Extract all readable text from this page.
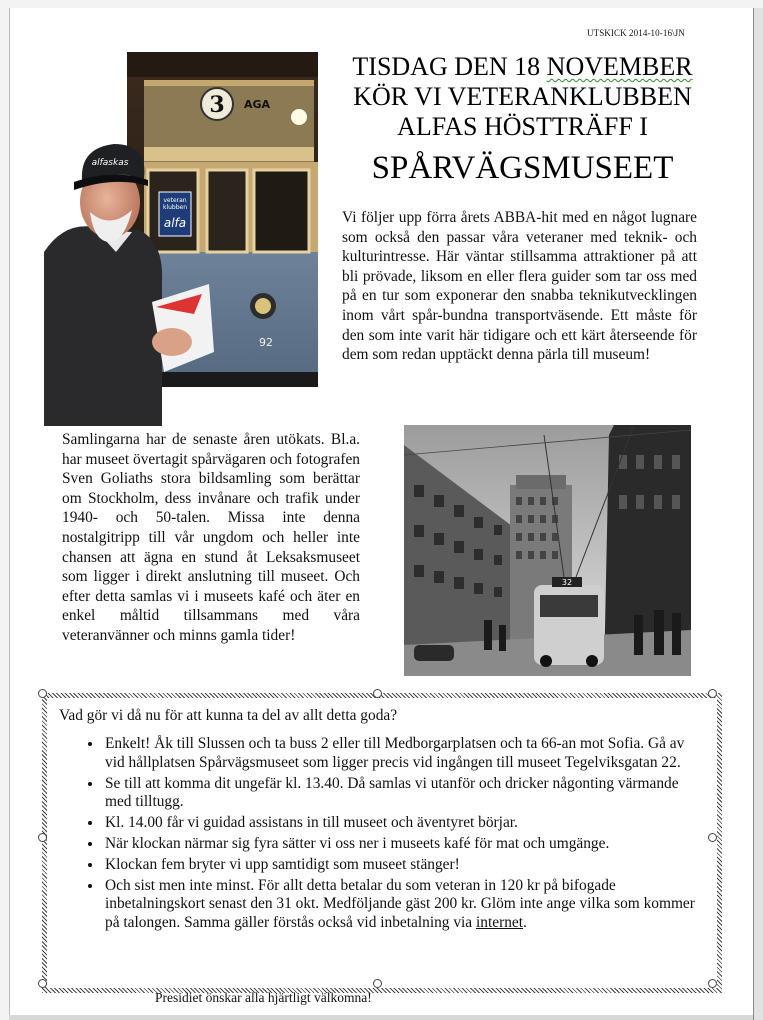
UTSKICK 2014-10-16\JN
veteran
klubben
alfa
3 AGA
92
alfaskas
TISDAG DEN 18 NOVEMBER
KÖR VI VETERANKLUBBEN
ALFAS HÖSTTRÄFF I
SPÅRVÄGSMUSEET
Vi följer upp förra årets ABBA-hit med en något lugnare som också den passar våra veteraner med teknik- och kulturintresse. Här väntar stillsamma attraktioner på att bli prövade, liksom en eller flera guider som tar oss med på en tur som exponerar den snabba teknikutvecklingen inom vårt spår-bundna transportväsende. Ett måste för den som inte varit här tidigare och ett kärt återseende för dem som redan upptäckt denna pärla till museum!
Samlingarna har de senaste åren utökats. Bl.a. har museet övertagit spårvägaren och fotografen Sven Goliaths stora bildsamling som berättar om Stockholm, dess invånare och trafik under 1940- och 50-talen. Missa inte denna nostalgitripp till vår ungdom och heller inte chansen att ägna en stund åt Leksaksmuseet som ligger i direkt anslutning till museet. Och efter detta samlas vi i museets kafé och äter en enkel måltid tillsammans med våra veteranvänner och minns gamla tider!
32
Vad gör vi då nu för att kunna ta del av allt detta goda?
• Enkelt! Åk till Slussen och ta buss 2 eller till Medborgarplatsen och ta 66-an mot Sofia. Gå av vid hållplatsen Spårvägsmuseet som ligger precis vid ingången till museet Tegelviksgatan 22.
• Se till att komma dit ungefär kl. 13.40. Då samlas vi utanför och dricker någonting värmande med tilltugg.
• Kl. 14.00 får vi guidad assistans in till museet och äventyret börjar.
• När klockan närmar sig fyra sätter vi oss ner i museets kafé för mat och umgänge.
• Klockan fem bryter vi upp samtidigt som museet stänger!
• Och sist men inte minst. För allt detta betalar du som veteran in 120 kr på bifogade inbetalningskort senast den 31 okt. Medföljande gäst 200 kr. Glöm inte ange vilka som kommer på talongen. Samma gäller förstås också vid inbetalning via internet.
Presidiet önskar alla hjärtligt välkomna!
